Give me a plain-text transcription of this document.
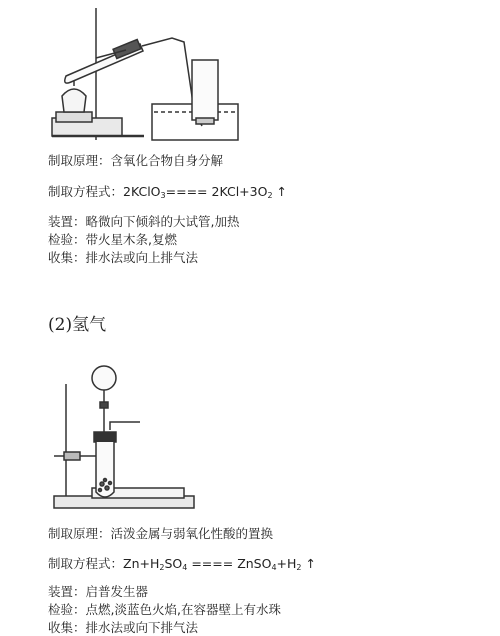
制取原理：含氧化合物自身分解
制取方程式：2KClO$_3$==== $2KCl+3O_2$ ↑
装置：略微向下倾斜的大试管,加热
检验：带火星木条,复燃
收集：排水法或向上排气法
(2)氢气
制取原理：活泼金属与弱氧化性酸的置换
制取方程式：$Zn+H_2SO_4$ ==== $ZnSO_4+H_2$ ↑
装置：启普发生器
检验：点燃,淡蓝色火焰,在容器壁上有水珠
收集：排水法或向下排气法
